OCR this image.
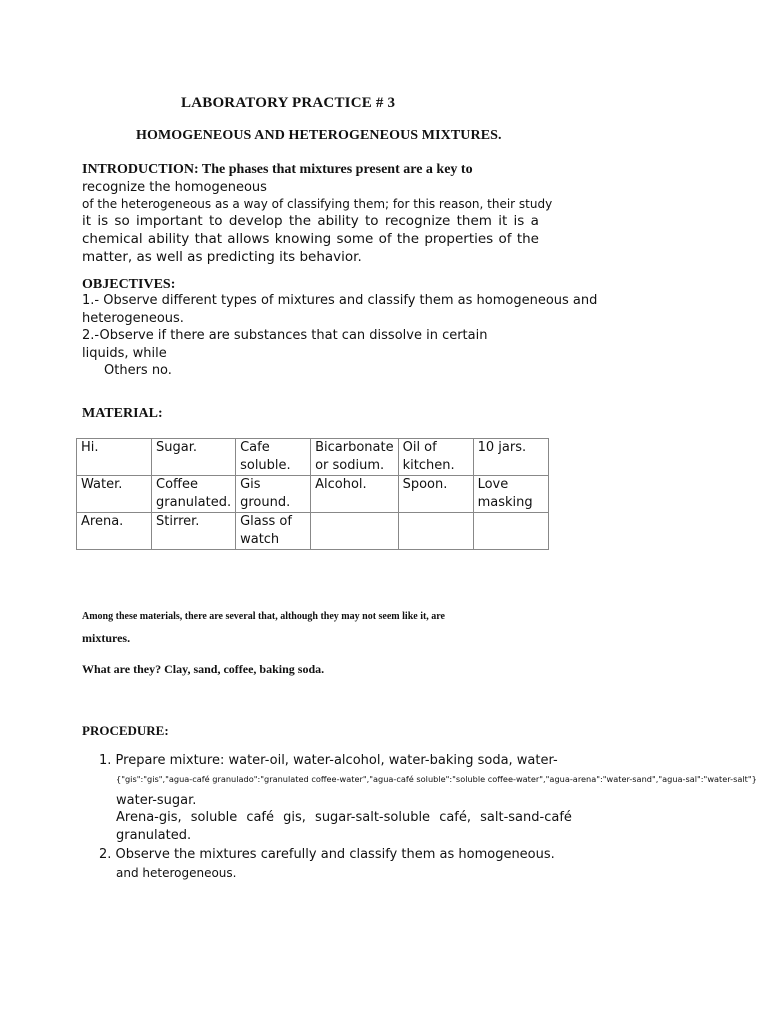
LABORATORY PRACTICE # 3
HOMOGENEOUS AND HETEROGENEOUS MIXTURES.
INTRODUCTION: The phases that mixtures present are a key to
recognize the homogeneous
of the heterogeneous as a way of classifying them; for this reason, their study
it is so important to develop the ability to recognize them it is a
chemical ability that allows knowing some of the properties of the
matter, as well as predicting its behavior.
OBJECTIVES:
1.- Observe different types of mixtures and classify them as homogeneous and
heterogeneous.
2.-Observe if there are substances that can dissolve in certain
liquids, while
Others no.
MATERIAL:
Hi.	Sugar.	Cafe soluble.	Bicarbonate or sodium.	Oil of kitchen.	10 jars.
Water.	Coffee granulated.	Gis ground.	Alcohol.	Spoon.	Love masking
Arena.	Stirrer.	Glass of watch			
Among these materials, there are several that, although they may not seem like it, are
mixtures.
What are they? Clay, sand, coffee, baking soda.
PROCEDURE:
1. Prepare mixture: water-oil, water-alcohol, water-baking soda, water-
{"gis":"gis","agua-café granulado":"granulated coffee-water","agua-café soluble":"soluble coffee-water","agua-arena":"water-sand","agua-sal":"water-salt"}
water-sugar.
Arena-gis, soluble café gis, sugar-salt-soluble café, salt-sand-café
granulated.
2. Observe the mixtures carefully and classify them as homogeneous.
and heterogeneous.
